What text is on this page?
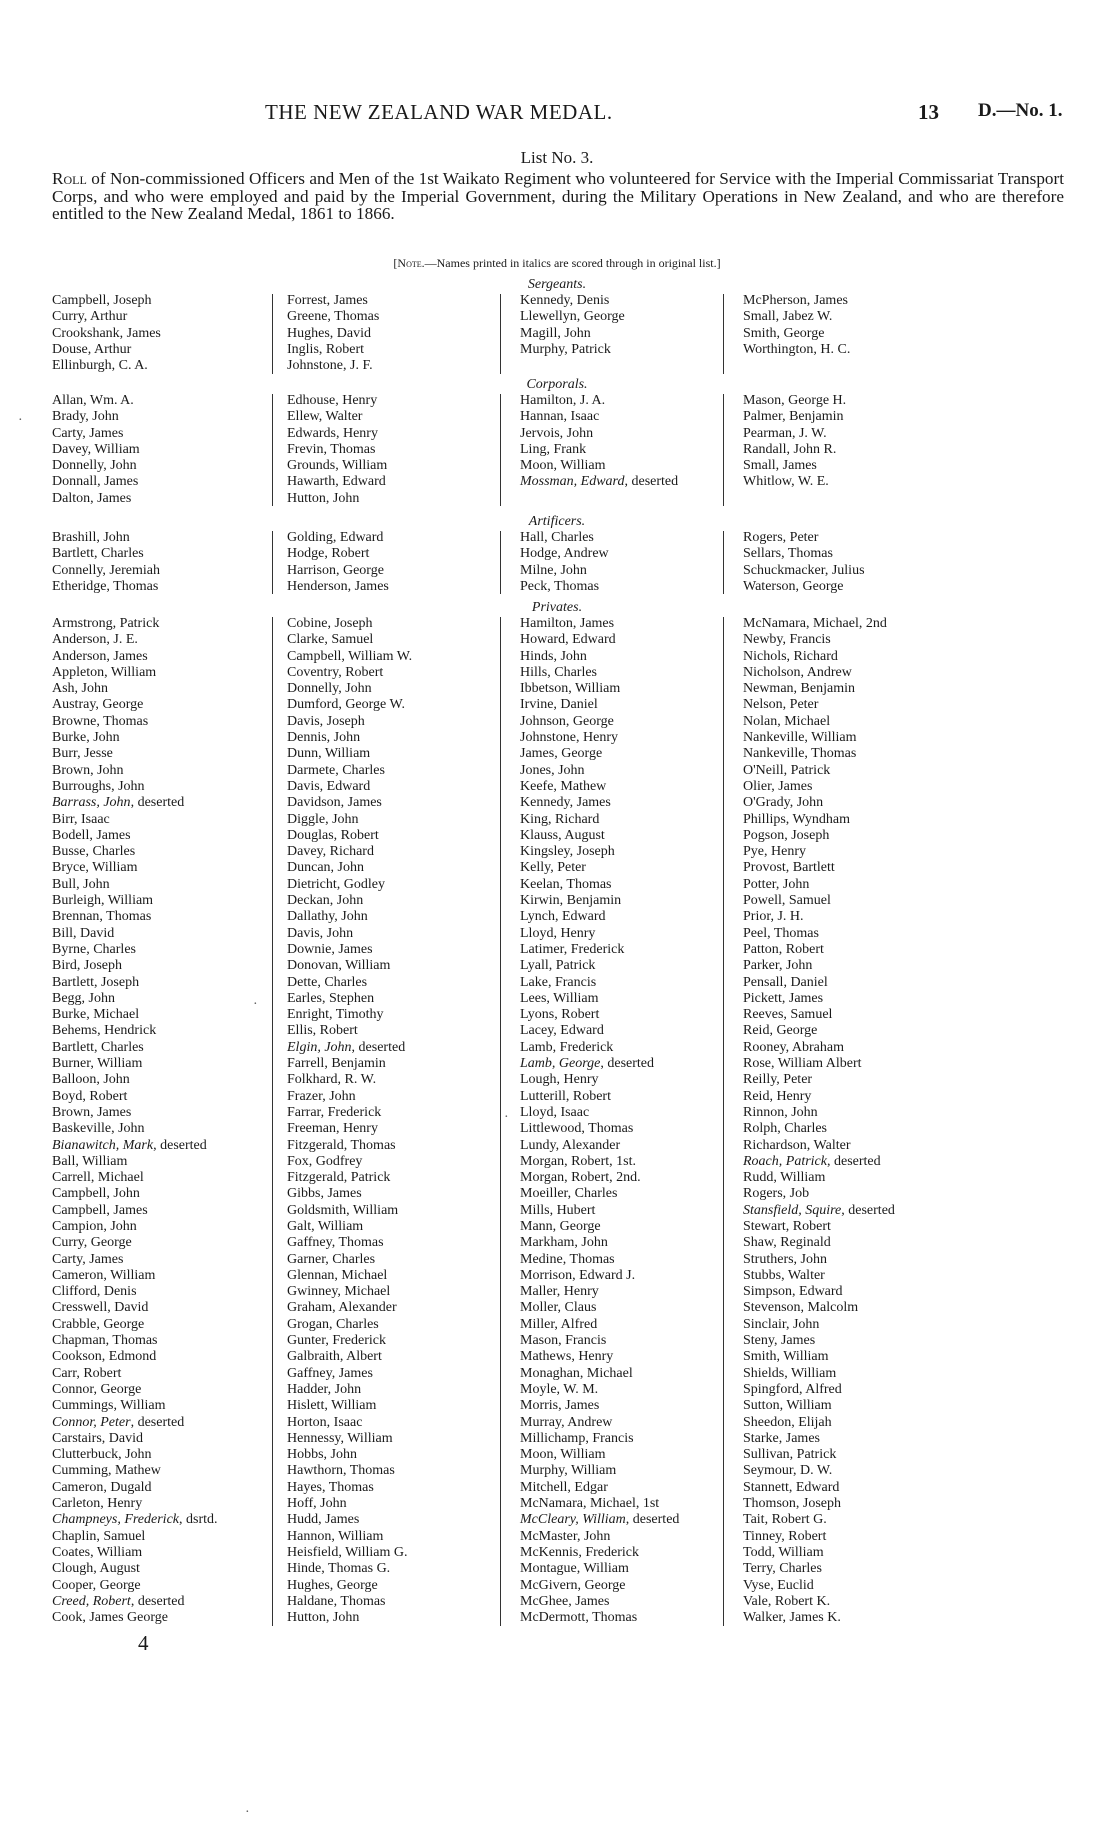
THE NEW ZEALAND WAR MEDAL.	13 D.—No. 1.
List No. 3.
Roll of Non-commissioned Officers and Men of the 1st Waikato Regiment who volunteered for Service with the Imperial Commissariat Transport Corps, and who were employed and paid by the Imperial Government, during the Military Operations in New Zealand, and who are therefore entitled to the New Zealand Medal, 1861 to 1866.
[Note.—Names printed in italics are scored through in original list.]
Sergeants.
Campbell, Joseph
Curry, Arthur
Crookshank, James
Douse, Arthur
Ellinburgh, C. A.
Forrest, James
Greene, Thomas
Hughes, David
Inglis, Robert
Johnstone, J. F.
Kennedy, Denis
Llewellyn, George
Magill, John
Murphy, Patrick
McPherson, James
Small, Jabez W.
Smith, George
Worthington, H. C.
Corporals.
Allan, Wm. A.
Brady, John
Carty, James
Davey, William
Donnelly, John
Donnall, James
Dalton, James
Edhouse, Henry
Ellew, Walter
Edwards, Henry
Frevin, Thomas
Grounds, William
Hawarth, Edward
Hutton, John
Hamilton, J. A.
Hannan, Isaac
Jervois, John
Ling, Frank
Moon, William
Mossman, Edward, deserted
Mason, George H.
Palmer, Benjamin
Pearman, J. W.
Randall, John R.
Small, James
Whitlow, W. E.
Artificers.
Brashill, John
Bartlett, Charles
Connelly, Jeremiah
Etheridge, Thomas
Golding, Edward
Hodge, Robert
Harrison, George
Henderson, James
Hall, Charles
Hodge, Andrew
Milne, John
Peck, Thomas
Rogers, Peter
Sellars, Thomas
Schuckmacker, Julius
Waterson, George
Privates.
Armstrong, Patrick
Anderson, J. E.
Anderson, James
Appleton, William
Ash, John
Austray, George
Browne, Thomas
Burke, John
Burr, Jesse
Brown, John
Burroughs, John
Barrass, John, deserted
Birr, Isaac
Bodell, James
Busse, Charles
Bryce, William
Bull, John
Burleigh, William
Brennan, Thomas
Bill, David
Byrne, Charles
Bird, Joseph
Bartlett, Joseph
Begg, John
Burke, Michael
Behems, Hendrick
Bartlett, Charles
Burner, William
Balloon, John
Boyd, Robert
Brown, James
Baskeville, John
Bianawitch, Mark, deserted
Ball, William
Carrell, Michael
Campbell, John
Campbell, James
Campion, John
Curry, George
Carty, James
Cameron, William
Clifford, Denis
Cresswell, David
Crabble, George
Chapman, Thomas
Cookson, Edmond
Carr, Robert
Connor, George
Cummings, William
Connor, Peter, deserted
Carstairs, David
Clutterbuck, John
Cumming, Mathew
Cameron, Dugald
Carleton, Henry
Champneys, Frederick, dsrtd.
Chaplin, Samuel
Coates, William
Clough, August
Cooper, George
Creed, Robert, deserted
Cook, James George
Cobine, Joseph
Clarke, Samuel
Campbell, William W.
Coventry, Robert
Donnelly, John
Dumford, George W.
Davis, Joseph
Dennis, John
Dunn, William
Darmete, Charles
Davis, Edward
Davidson, James
Diggle, John
Douglas, Robert
Davey, Richard
Duncan, John
Dietricht, Godley
Deckan, John
Dallathy, John
Davis, John
Downie, James
Donovan, William
Dette, Charles
Earles, Stephen
Enright, Timothy
Ellis, Robert
Elgin, John, deserted
Farrell, Benjamin
Folkhard, R. W.
Frazer, John
Farrar, Frederick
Freeman, Henry
Fitzgerald, Thomas
Fox, Godfrey
Fitzgerald, Patrick
Gibbs, James
Goldsmith, William
Galt, William
Gaffney, Thomas
Garner, Charles
Glennan, Michael
Gwinney, Michael
Graham, Alexander
Grogan, Charles
Gunter, Frederick
Galbraith, Albert
Gaffney, James
Hadder, John
Hislett, William
Horton, Isaac
Hennessy, William
Hobbs, John
Hawthorn, Thomas
Hayes, Thomas
Hoff, John
Hudd, James
Hannon, William
Heisfield, William G.
Hinde, Thomas G.
Hughes, George
Haldane, Thomas
Hutton, John
Hamilton, James
Howard, Edward
Hinds, John
Hills, Charles
Ibbetson, William
Irvine, Daniel
Johnson, George
Johnstone, Henry
James, George
Jones, John
Keefe, Mathew
Kennedy, James
King, Richard
Klauss, August
Kingsley, Joseph
Kelly, Peter
Keelan, Thomas
Kirwin, Benjamin
Lynch, Edward
Lloyd, Henry
Latimer, Frederick
Lyall, Patrick
Lake, Francis
Lees, William
Lyons, Robert
Lacey, Edward
Lamb, Frederick
Lamb, George, deserted
Lough, Henry
Lutterill, Robert
Lloyd, Isaac
Littlewood, Thomas
Lundy, Alexander
Morgan, Robert, 1st.
Morgan, Robert, 2nd.
Moeiller, Charles
Mills, Hubert
Mann, George
Markham, John
Medine, Thomas
Morrison, Edward J.
Maller, Henry
Moller, Claus
Miller, Alfred
Mason, Francis
Mathews, Henry
Monaghan, Michael
Moyle, W. M.
Morris, James
Murray, Andrew
Millichamp, Francis
Moon, William
Murphy, William
Mitchell, Edgar
McNamara, Michael, 1st
McCleary, William, deserted
McMaster, John
McKennis, Frederick
Montague, William
McGivern, George
McGhee, James
McDermott, Thomas
McNamara, Michael, 2nd
Newby, Francis
Nichols, Richard
Nicholson, Andrew
Newman, Benjamin
Nelson, Peter
Nolan, Michael
Nankeville, William
Nankeville, Thomas
O'Neill, Patrick
Olier, James
O'Grady, John
Phillips, Wyndham
Pogson, Joseph
Pye, Henry
Provost, Bartlett
Potter, John
Powell, Samuel
Prior, J. H.
Peel, Thomas
Patton, Robert
Parker, John
Pensall, Daniel
Pickett, James
Reeves, Samuel
Reid, George
Rooney, Abraham
Rose, William Albert
Reilly, Peter
Reid, Henry
Rinnon, John
Rolph, Charles
Richardson, Walter
Roach, Patrick, deserted
Rudd, William
Rogers, Job
Stansfield, Squire, deserted
Stewart, Robert
Shaw, Reginald
Struthers, John
Stubbs, Walter
Simpson, Edward
Stevenson, Malcolm
Sinclair, John
Steny, James
Smith, William
Shields, William
Spingford, Alfred
Sutton, William
Sheedon, Elijah
Starke, James
Sullivan, Patrick
Seymour, D. W.
Stannett, Edward
Thomson, Joseph
Tait, Robert G.
Tinney, Robert
Todd, William
Terry, Charles
Vyse, Euclid
Vale, Robert K.
Walker, James K.
·
·
·
·
4
